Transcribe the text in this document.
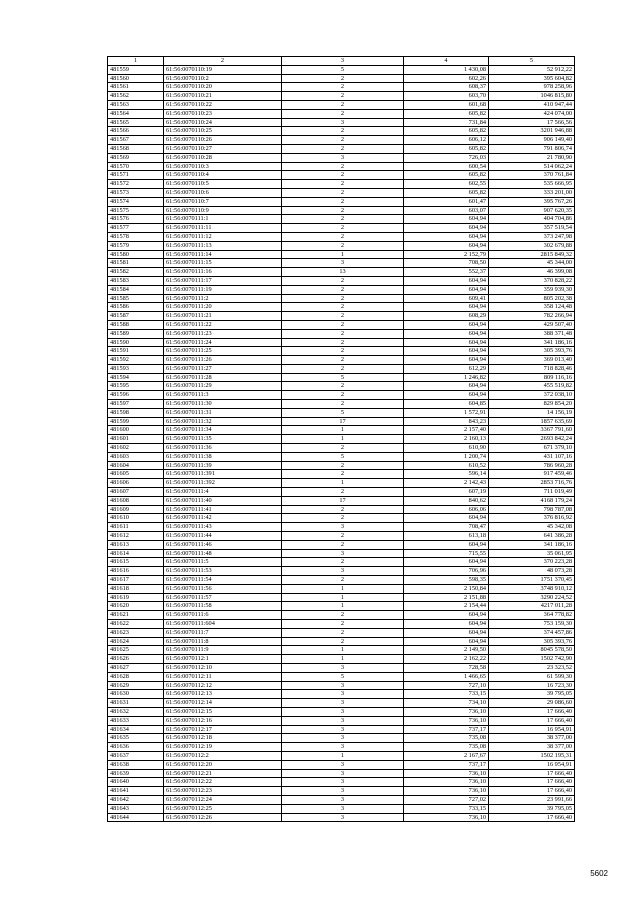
1	2	3	4	5
481559	61:56:0070110:19	5	1 430,08	52 912,22
481560	61:56:0070110:2	2	602,26	395 604,82
481561	61:56:0070110:20	2	608,37	978 258,96
481562	61:56:0070110:21	2	603,70	1046 815,80
481563	61:56:0070110:22	2	601,68	410 947,44
481564	61:56:0070110:23	2	605,82	424 074,00
481565	61:56:0070110:24	3	731,84	17 566,56
481566	61:56:0070110:25	2	605,82	3201 946,88
481567	61:56:0070110:26	2	606,12	906 149,40
481568	61:56:0070110:27	2	605,82	791 806,74
481569	61:56:0070110:28	3	726,03	21 780,90
481570	61:56:0070110:3	2	600,54	514 062,24
481571	61:56:0070110:4	2	605,82	370 761,84
481572	61:56:0070110:5	2	602,55	535 666,95
481573	61:56:0070110:6	2	605,82	333 201,00
481574	61:56:0070110:7	2	601,47	395 767,26
481575	61:56:0070110:9	2	603,07	907 620,35
481576	61:56:0070111:1	2	604,94	404 704,86
481577	61:56:0070111:11	2	604,94	357 519,54
481578	61:56:0070111:12	2	604,94	373 247,98
481579	61:56:0070111:13	2	604,94	302 679,88
481580	61:56:0070111:14	1	2 152,79	2815 849,32
481581	61:56:0070111:15	3	708,50	45 344,00
481582	61:56:0070111:16	13	552,37	46 399,08
481583	61:56:0070111:17	2	604,94	370 828,22
481584	61:56:0070111:19	2	604,94	359 939,30
481585	61:56:0070111:2	2	609,41	805 202,38
481586	61:56:0070111:20	2	604,94	358 124,48
481587	61:56:0070111:21	2	608,29	782 266,94
481588	61:56:0070111:22	2	604,94	429 507,40
481589	61:56:0070111:23	2	604,94	388 371,48
481590	61:56:0070111:24	2	604,94	341 186,16
481591	61:56:0070111:25	2	604,94	305 393,76
481592	61:56:0070111:26	2	604,94	369 013,40
481593	61:56:0070111:27	2	612,29	718 828,46
481594	61:56:0070111:28	5	1 246,82	809 116,16
481595	61:56:0070111:29	2	604,94	455 519,82
481596	61:56:0070111:3	2	604,94	372 038,10
481597	61:56:0070111:30	2	604,85	829 854,20
481598	61:56:0070111:31	5	1 572,91	14 156,19
481599	61:56:0070111:32	17	843,23	1857 635,69
481600	61:56:0070111:34	1	2 157,40	3367 791,60
481601	61:56:0070111:35	1	2 160,13	2693 842,24
481602	61:56:0070111:36	2	610,90	671 379,10
481603	61:56:0070111:38	5	1 200,74	431 107,16
481604	61:56:0070111:39	2	610,52	786 960,28
481605	61:56:0070111:391	2	596,14	917 459,46
481606	61:56:0070111:392	1	2 142,43	2853 716,76
481607	61:56:0070111:4	2	607,19	711 019,49
481608	61:56:0070111:40	17	840,62	4168 179,24
481609	61:56:0070111:41	2	606,06	798 787,08
481610	61:56:0070111:42	2	604,94	376 816,92
481611	61:56:0070111:43	3	708,47	45 342,08
481612	61:56:0070111:44	2	613,18	641 386,28
481613	61:56:0070111:46	2	604,94	341 186,16
481614	61:56:0070111:48	3	715,55	35 061,95
481615	61:56:0070111:5	2	604,94	370 223,28
481616	61:56:0070111:53	3	706,96	48 073,28
481617	61:56:0070111:54	2	598,35	1751 370,45
481618	61:56:0070111:56	1	2 150,84	3748 910,12
481619	61:56:0070111:57	1	2 151,88	3290 224,52
481620	61:56:0070111:58	1	2 154,44	4217 011,28
481621	61:56:0070111:6	2	604,94	364 778,82
481622	61:56:0070111:604	2	604,94	753 159,30
481623	61:56:0070111:7	2	604,94	374 457,86
481624	61:56:0070111:8	2	604,94	305 393,76
481625	61:56:0070111:9	1	2 149,50	8045 578,50
481626	61:56:0070112:1	1	2 162,22	1502 742,90
481627	61:56:0070112:10	3	728,58	23 323,52
481628	61:56:0070112:11	5	1 466,65	61 599,30
481629	61:56:0070112:12	3	727,10	16 723,30
481630	61:56:0070112:13	3	733,15	39 795,05
481631	61:56:0070112:14	3	734,10	29 086,60
481632	61:56:0070112:15	3	736,10	17 666,40
481633	61:56:0070112:16	3	736,10	17 666,40
481634	61:56:0070112:17	3	737,17	16 954,91
481635	61:56:0070112:18	3	735,08	38 377,00
481636	61:56:0070112:19	3	735,08	38 377,00
481637	61:56:0070112:2	1	2 167,67	1502 195,31
481638	61:56:0070112:20	3	737,17	16 954,91
481639	61:56:0070112:21	3	736,10	17 666,40
481640	61:56:0070112:22	3	736,10	17 666,40
481641	61:56:0070112:23	3	736,10	17 666,40
481642	61:56:0070112:24	3	727,02	23 991,66
481643	61:56:0070112:25	3	733,15	39 795,05
481644	61:56:0070112:26	3	736,10	17 666,40
5602
